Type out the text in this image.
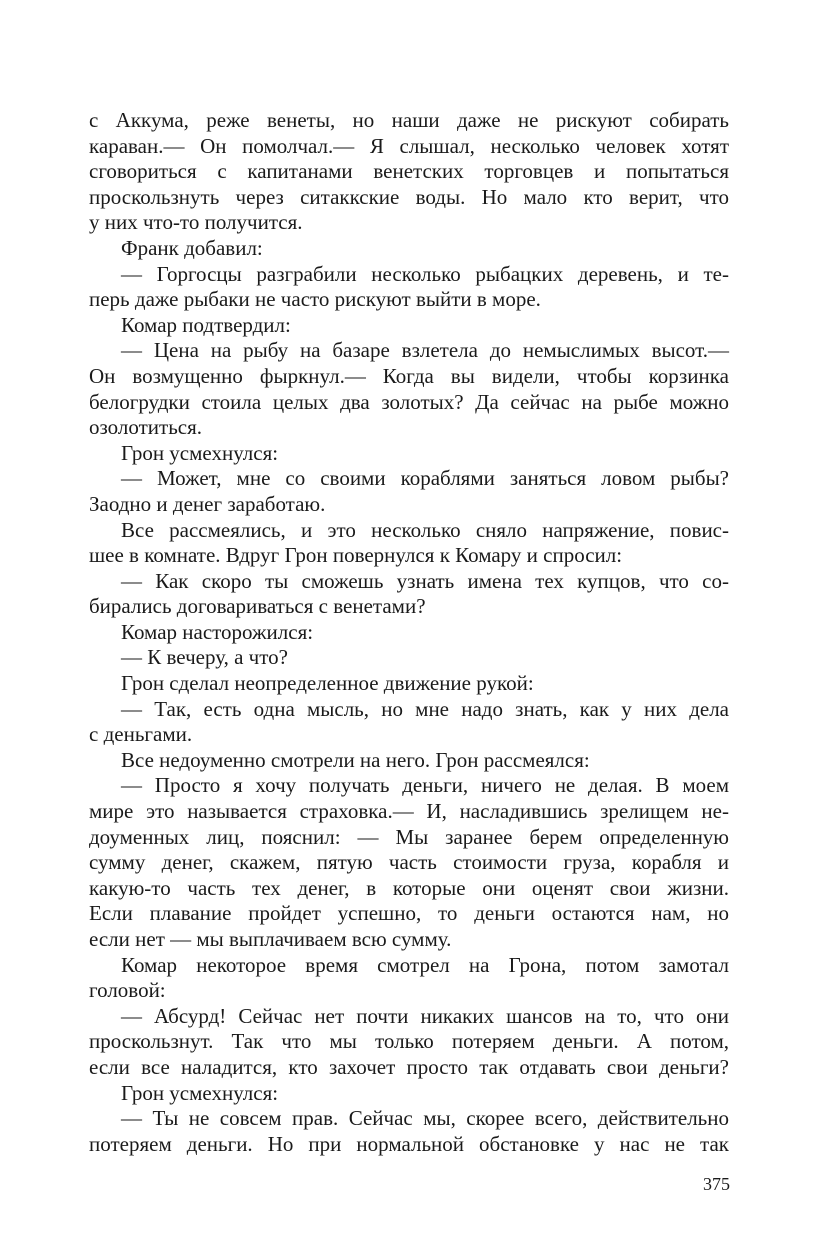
с Аккума, реже венеты, но наши даже не рискуют собирать
караван.— Он помолчал.— Я слышал, несколько человек хотят
сговориться с капитанами венетских торговцев и попытаться
проскользнуть через ситаккские воды. Но мало кто верит, что
у них что-то получится.
Франк добавил:
— Горгосцы разграбили несколько рыбацких деревень, и те-
перь даже рыбаки не часто рискуют выйти в море.
Комар подтвердил:
— Цена на рыбу на базаре взлетела до немыслимых высот.—
Он возмущенно фыркнул.— Когда вы видели, чтобы корзинка
белогрудки стоила целых два золотых? Да сейчас на рыбе можно
озолотиться.
Грон усмехнулся:
— Может, мне со своими кораблями заняться ловом рыбы?
Заодно и денег заработаю.
Все рассмеялись, и это несколько сняло напряжение, повис-
шее в комнате. Вдруг Грон повернулся к Комару и спросил:
— Как скоро ты сможешь узнать имена тех купцов, что со-
бирались договариваться с венетами?
Комар насторожился:
— К вечеру, а что?
Грон сделал неопределенное движение рукой:
— Так, есть одна мысль, но мне надо знать, как у них дела
с деньгами.
Все недоуменно смотрели на него. Грон рассмеялся:
— Просто я хочу получать деньги, ничего не делая. В моем
мире это называется страховка.— И, насладившись зрелищем не-
доуменных лиц, пояснил: — Мы заранее берем определенную
сумму денег, скажем, пятую часть стоимости груза, корабля и
какую-то часть тех денег, в которые они оценят свои жизни.
Если плавание пройдет успешно, то деньги остаются нам, но
если нет — мы выплачиваем всю сумму.
Комар некоторое время смотрел на Грона, потом замотал
головой:
— Абсурд! Сейчас нет почти никаких шансов на то, что они
проскользнут. Так что мы только потеряем деньги. А потом,
если все наладится, кто захочет просто так отдавать свои деньги?
Грон усмехнулся:
— Ты не совсем прав. Сейчас мы, скорее всего, действительно
потеряем деньги. Но при нормальной обстановке у нас не так
375
